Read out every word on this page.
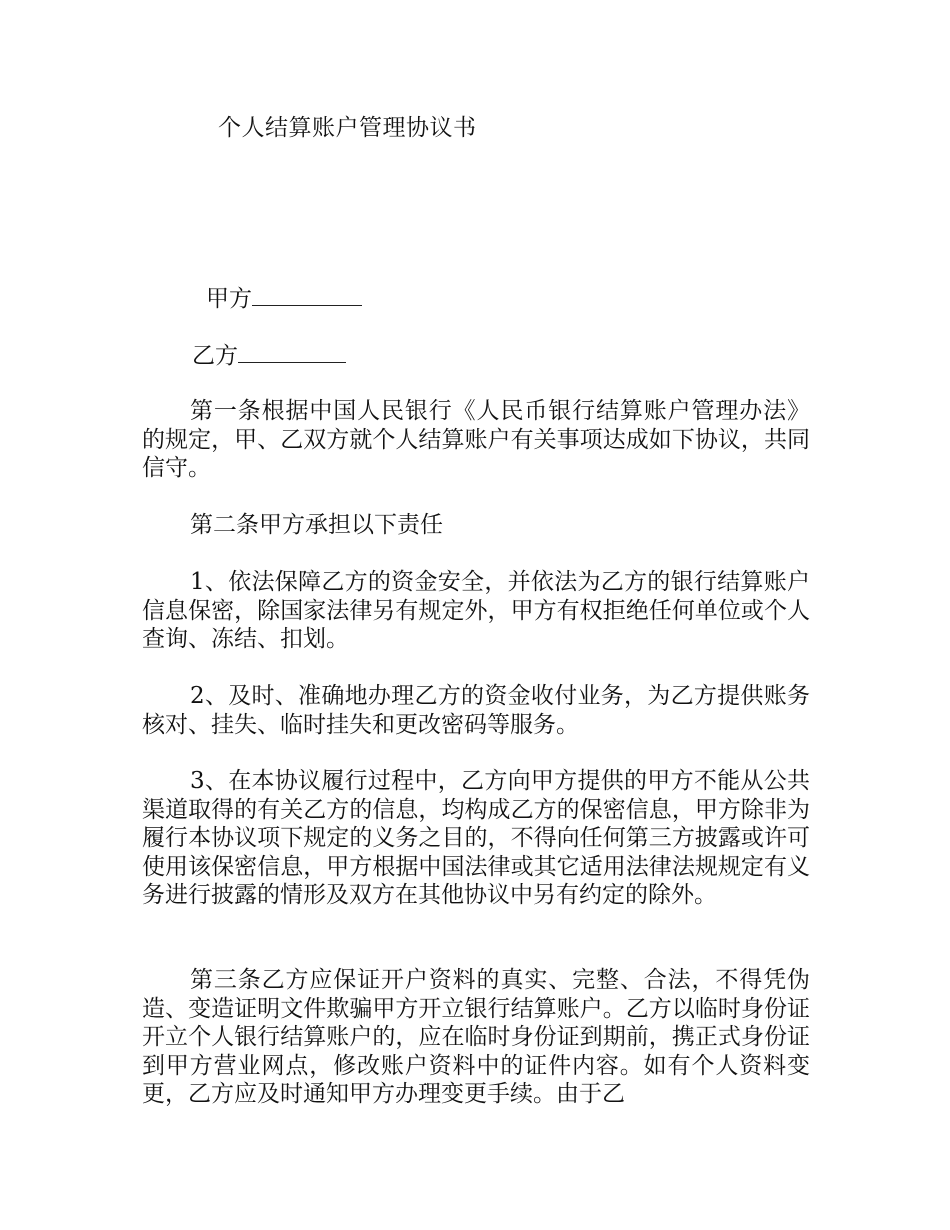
个人结算账户管理协议书
甲方
乙方

第一条根据中国人民银行《人民币银行结算账户管理办法》的规定，甲、乙双方就个人结算账户有关事项达成如下协议，共同信守。

第二条甲方承担以下责任

1、依法保障乙方的资金安全，并依法为乙方的银行结算账户信息保密，除国家法律另有规定外，甲方有权拒绝任何单位或个人查询、冻结、扣划。

2、及时、准确地办理乙方的资金收付业务，为乙方提供账务核对、挂失、临时挂失和更改密码等服务。

3、在本协议履行过程中，乙方向甲方提供的甲方不能从公共渠道取得的有关乙方的信息，均构成乙方的保密信息，甲方除非为履行本协议项下规定的义务之目的，不得向任何第三方披露或许可使用该保密信息，甲方根据中国法律或其它适用法律法规规定有义务进行披露的情形及双方在其他协议中另有约定的除外。

第三条乙方应保证开户资料的真实、完整、合法，不得凭伪造、变造证明文件欺骗甲方开立银行结算账户。乙方以临时身份证开立个人银行结算账户的，应在临时身份证到期前，携正式身份证到甲方营业网点，修改账户资料中的证件内容。如有个人资料变更，乙方应及时通知甲方办理变更手续。由于乙
